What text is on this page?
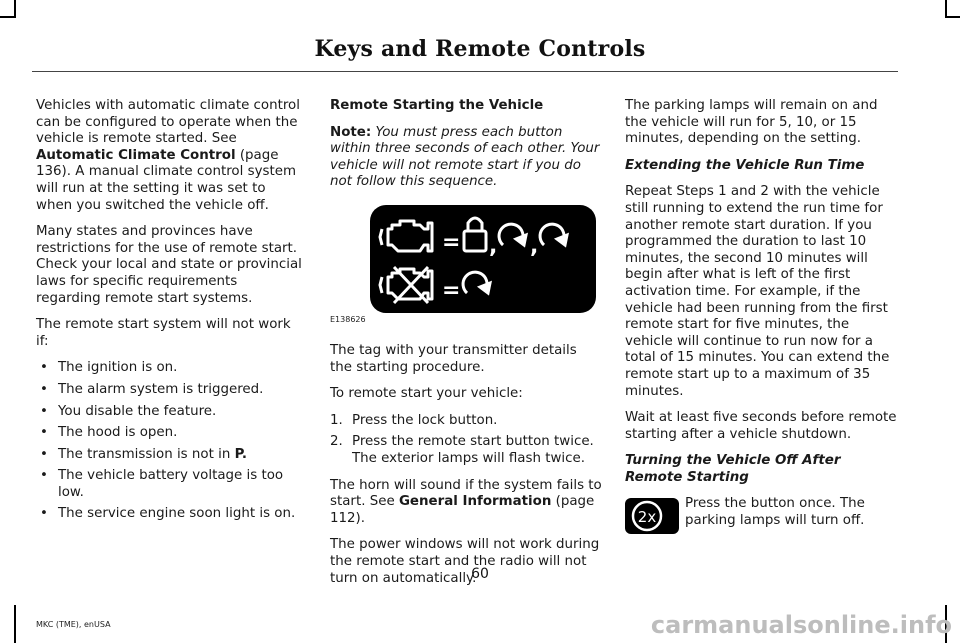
Keys and Remote Controls

Vehicles with automatic climate control can be configured to operate when the vehicle is remote started. See Automatic Climate Control (page 136). A manual climate control system will run at the setting it was set to when you switched the vehicle off.

Many states and provinces have restrictions for the use of remote start. Check your local and state or provincial laws for specific requirements regarding remote start systems.

The remote start system will not work if:

• The ignition is on.
• The alarm system is triggered.
• You disable the feature.
• The hood is open.
• The transmission is not in P.
• The vehicle battery voltage is too low.
• The service engine soon light is on.

Remote Starting the Vehicle

Note: You must press each button within three seconds of each other. Your vehicle will not remote start if you do not follow this sequence.

= , ,
=
E138626

The tag with your transmitter details the starting procedure.

To remote start your vehicle:

1. Press the lock button.
2. Press the remote start button twice. The exterior lamps will flash twice.

The horn will sound if the system fails to start. See General Information (page 112).

The power windows will not work during the remote start and the radio will not turn on automatically.

The parking lamps will remain on and the vehicle will run for 5, 10, or 15 minutes, depending on the setting.

Extending the Vehicle Run Time

Repeat Steps 1 and 2 with the vehicle still running to extend the run time for another remote start duration. If you programmed the duration to last 10 minutes, the second 10 minutes will begin after what is left of the first activation time. For example, if the vehicle had been running from the first remote start for five minutes, the vehicle will continue to run now for a total of 15 minutes. You can extend the remote start up to a maximum of 35 minutes.

Wait at least five seconds before remote starting after a vehicle shutdown.

Turning the Vehicle Off After Remote Starting

2x
Press the button once. The parking lamps will turn off.
60
MKC (TME), enUSA	carmanualsonline.info
